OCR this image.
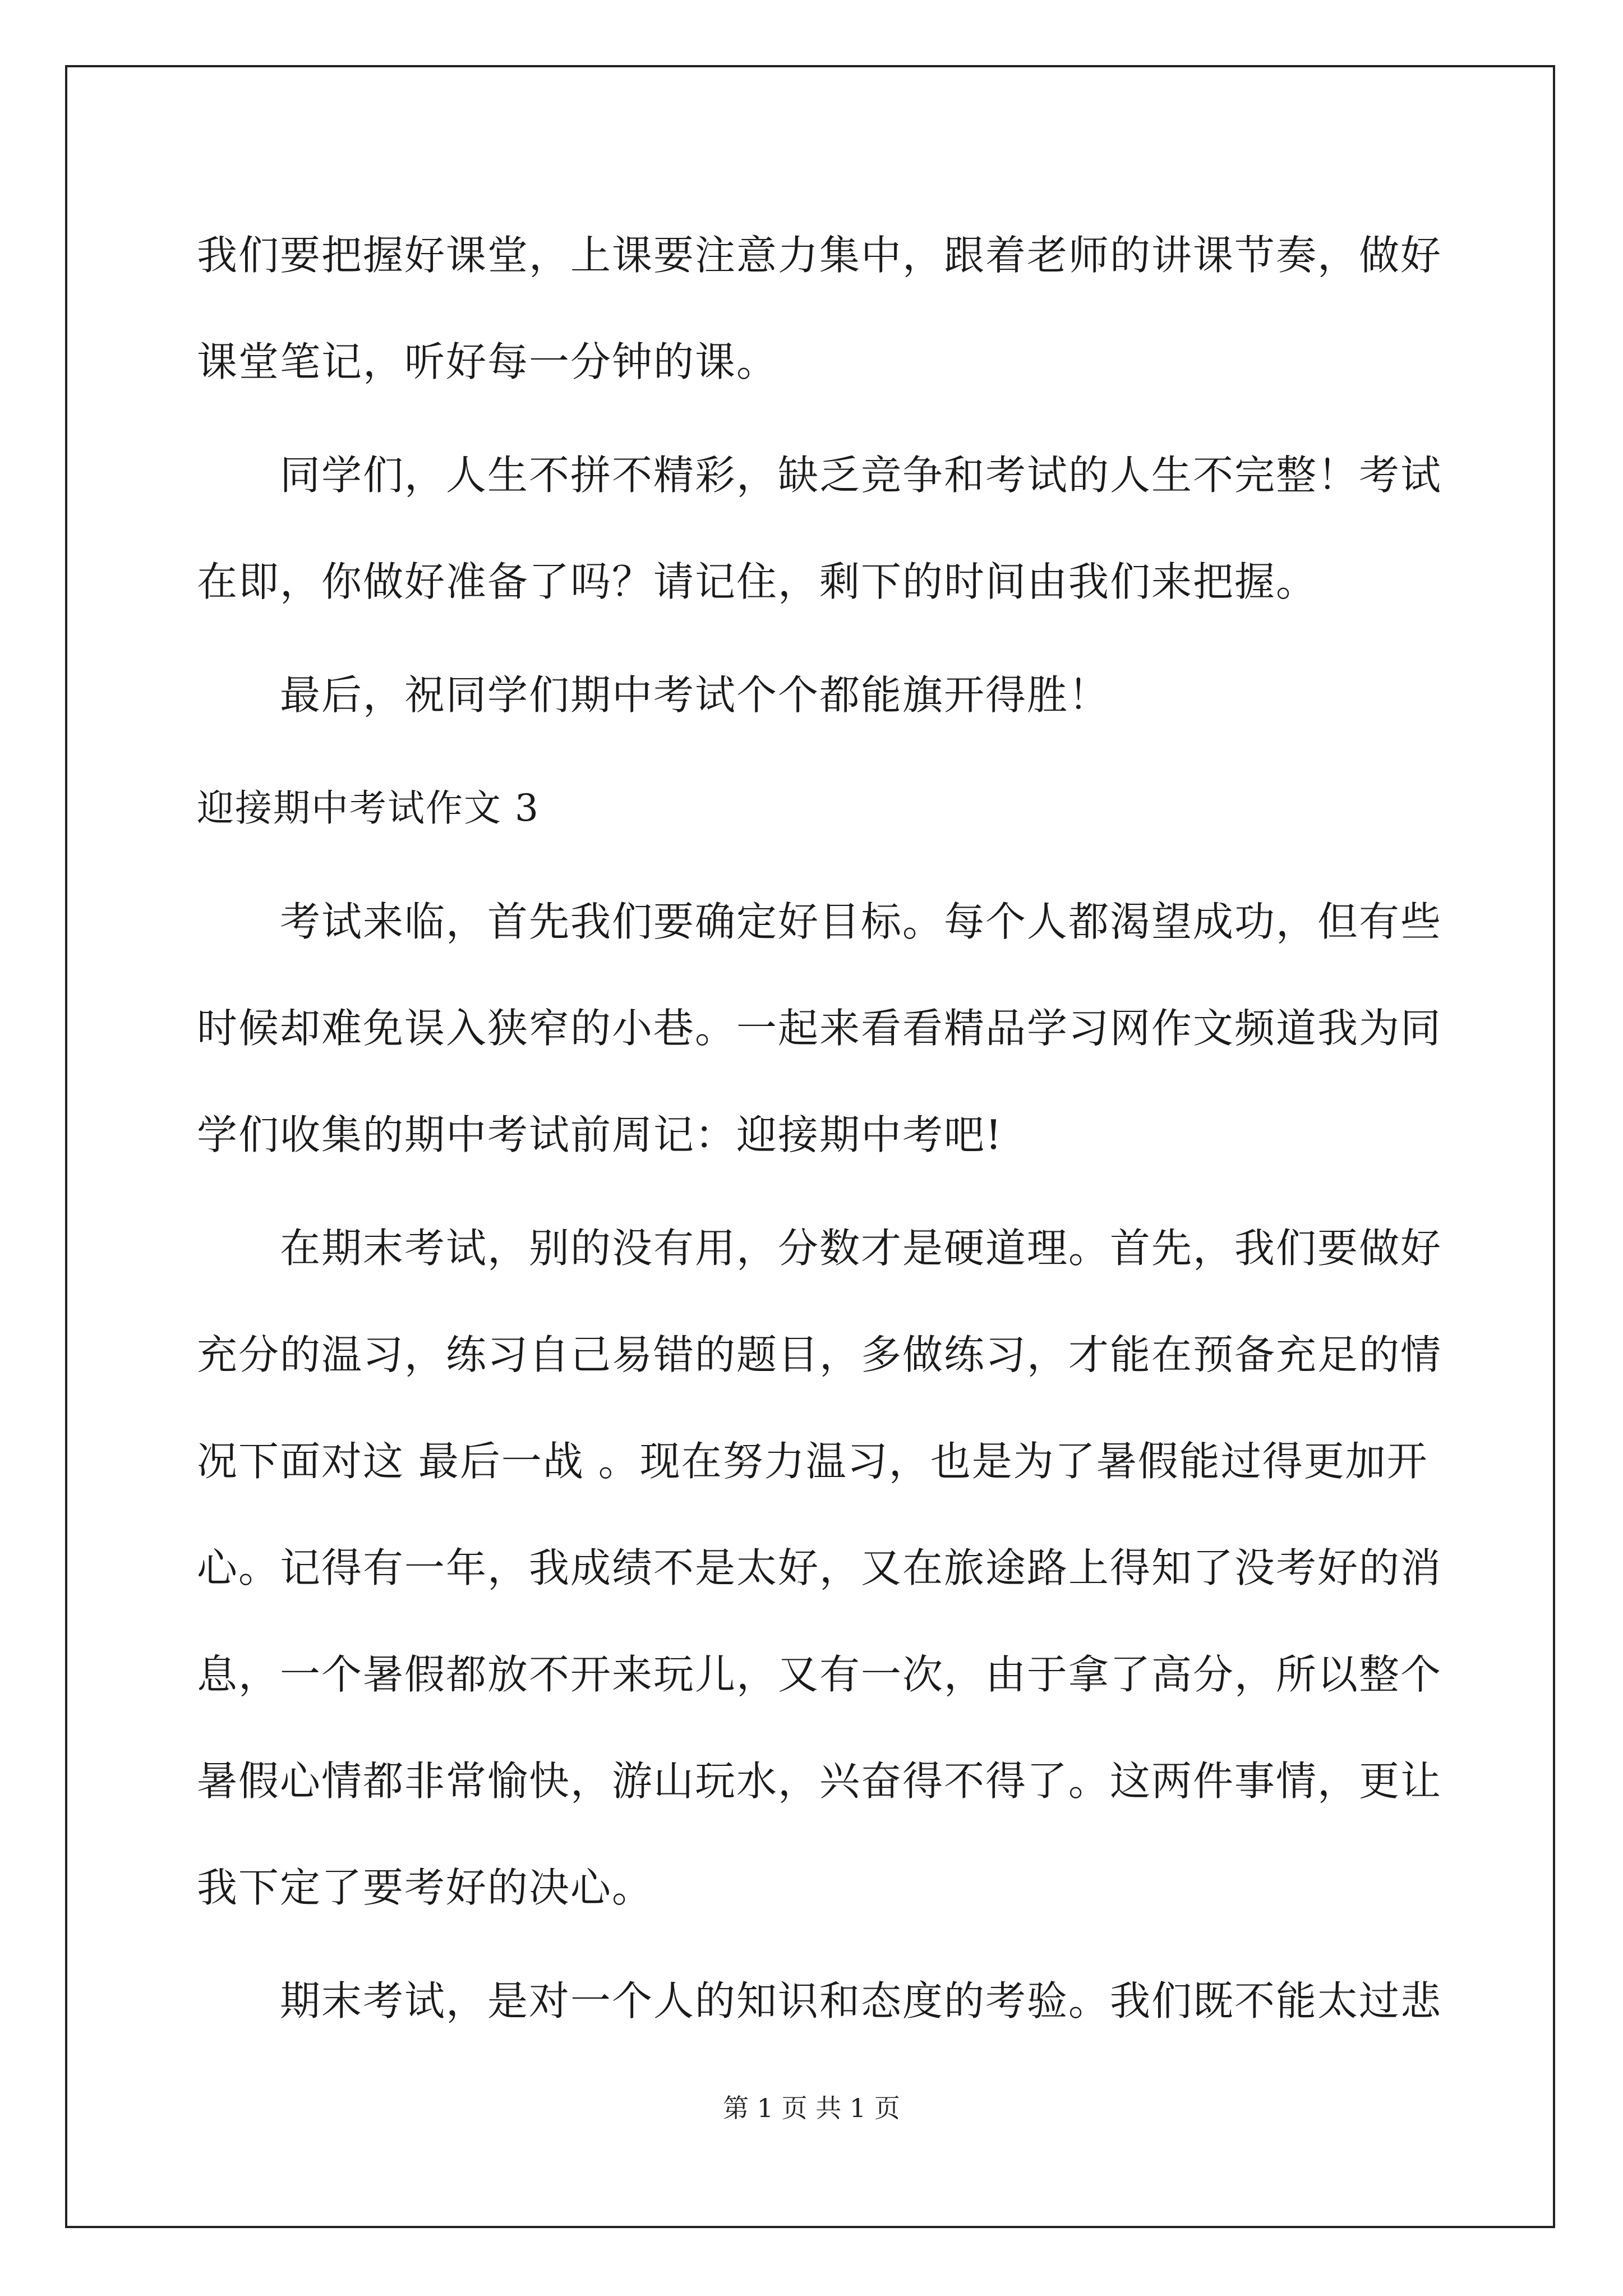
我们要把握好课堂，上课要注意力集中，跟着老师的讲课节奏，做好
课堂笔记，听好每一分钟的课。
同学们，人生不拼不精彩，缺乏竞争和考试的人生不完整！考试
在即，你做好准备了吗？请记住，剩下的时间由我们来把握。
最后，祝同学们期中考试个个都能旗开得胜！
迎接期中考试作文 3
考试来临，首先我们要确定好目标。每个人都渴望成功，但有些
时候却难免误入狭窄的小巷。一起来看看精品学习网作文频道我为同
学们收集的期中考试前周记：迎接期中考吧!
在期末考试，别的没有用，分数才是硬道理。首先，我们要做好
充分的温习，练习自己易错的题目，多做练习，才能在预备充足的情
况下面对这 最后一战 。现在努力温习，也是为了暑假能过得更加开
心。记得有一年，我成绩不是太好，又在旅途路上得知了没考好的消
息，一个暑假都放不开来玩儿，又有一次，由于拿了高分，所以整个
暑假心情都非常愉快，游山玩水，兴奋得不得了。这两件事情，更让
我下定了要考好的决心。
期末考试，是对一个人的知识和态度的考验。我们既不能太过悲
第 1 页 共 1 页
